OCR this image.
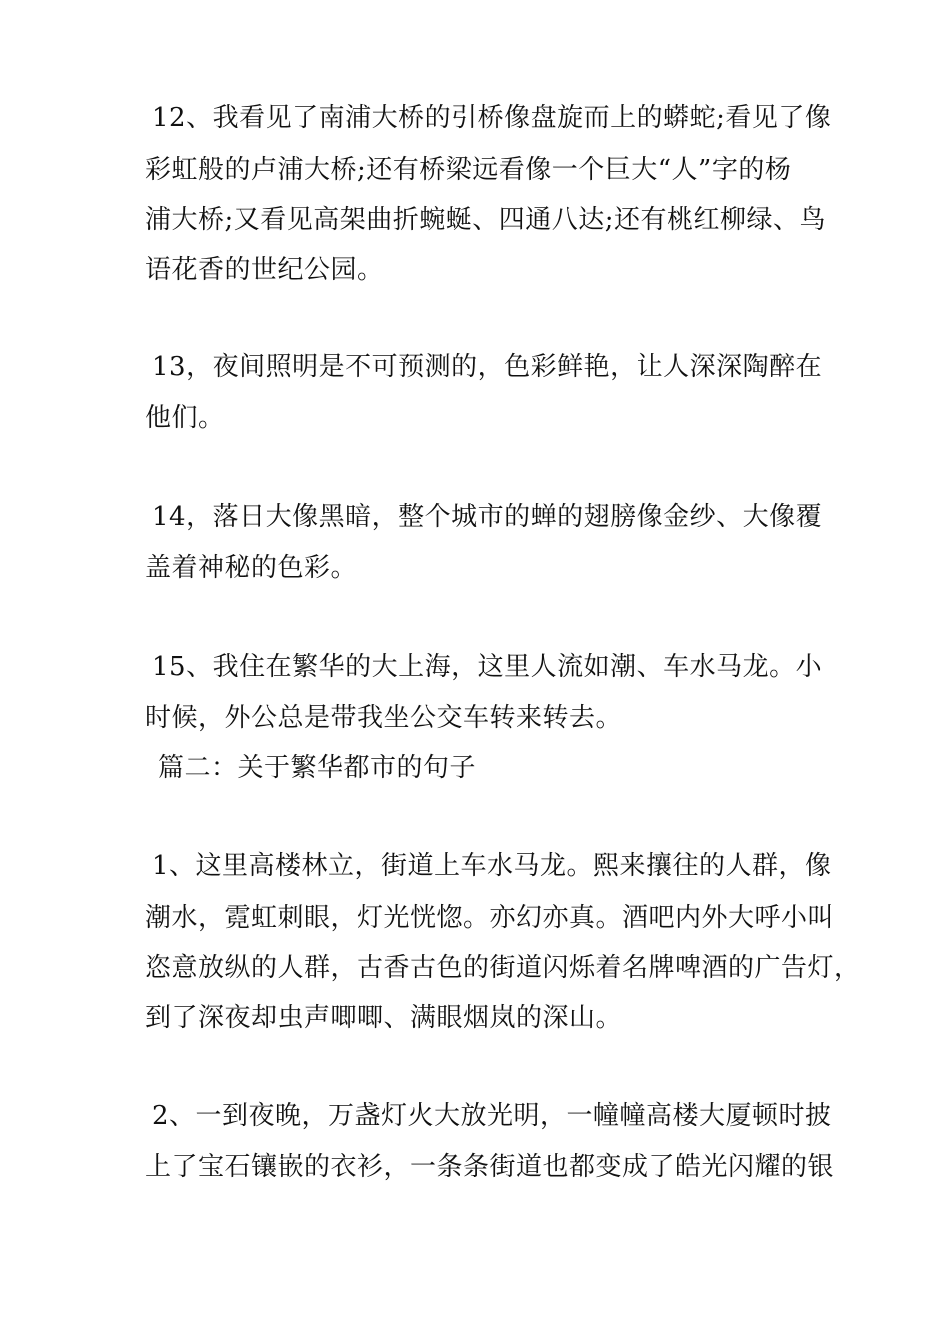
12、我看见了南浦大桥的引桥像盘旋而上的蟒蛇;看见了像
彩虹般的卢浦大桥;还有桥梁远看像一个巨大“人”字的杨
浦大桥;又看见高架曲折蜿蜒、四通八达;还有桃红柳绿、鸟
语花香的世纪公园。
13，夜间照明是不可预测的，色彩鲜艳，让人深深陶醉在
他们。
14，落日大像黑暗，整个城市的蝉的翅膀像金纱、大像覆
盖着神秘的色彩。
15、我住在繁华的大上海，这里人流如潮、车水马龙。小
时候，外公总是带我坐公交车转来转去。
篇二：关于繁华都市的句子
1、这里高楼林立，街道上车水马龙。熙来攘往的人群，像
潮水，霓虹刺眼，灯光恍惚。亦幻亦真。酒吧内外大呼小叫
恣意放纵的人群，古香古色的街道闪烁着名牌啤酒的广告灯，
到了深夜却虫声唧唧、满眼烟岚的深山。
2、一到夜晚，万盏灯火大放光明，一幢幢高楼大厦顿时披
上了宝石镶嵌的衣衫，一条条街道也都变成了皓光闪耀的银
